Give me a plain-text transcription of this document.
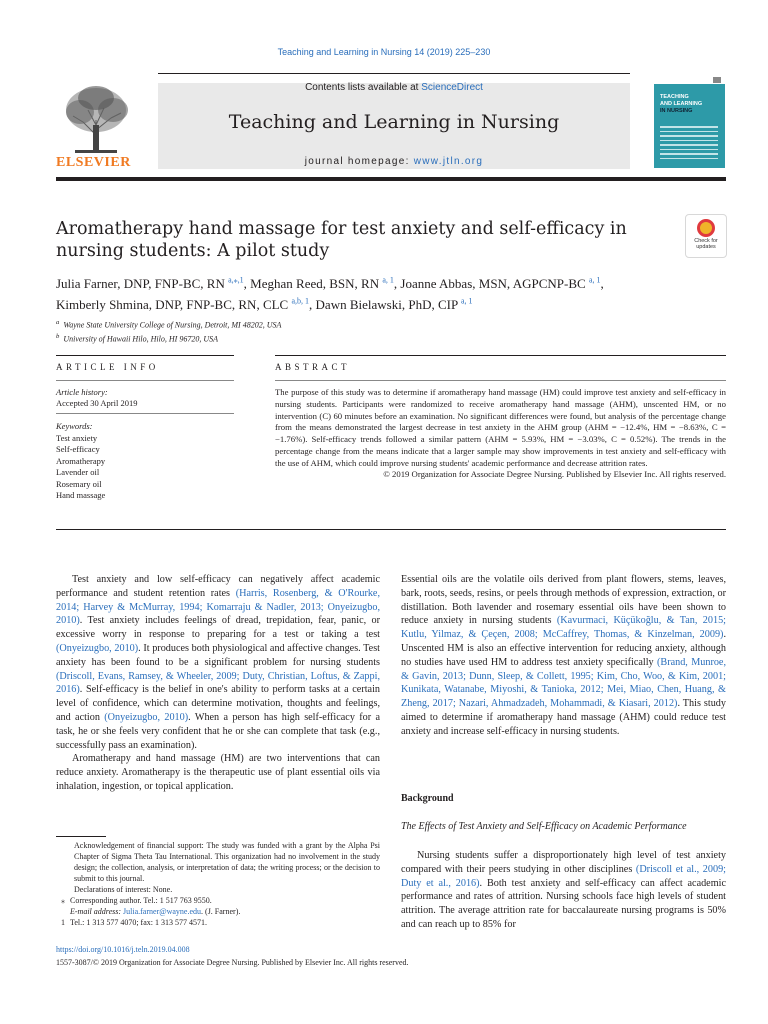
Teaching and Learning in Nursing 14 (2019) 225–230
ELSEVIER
Contents lists available at ScienceDirect
Teaching and Learning in Nursing
journal homepage: www.jtln.org
TEACHING
AND LEARNING
IN NURSING
Aromatherapy hand massage for test anxiety and self-efficacy in nursing students: A pilot study	Check for
updates
Julia Farner, DNP, FNP-BC, RN $^{a,⁎,1}$, Meghan Reed, BSN, RN $^{a, 1}$, Joanne Abbas, MSN, AGPCNP-BC $^{a, 1}$,
Kimberly Shmina, DNP, FNP-BC, RN, CLC $^{a,b, 1}$, Dawn Bielawski, PhD, CIP $^{a, 1}$
$^a$ Wayne State University College of Nursing, Detroit, MI 48202, USA
$^b$ University of Hawaii Hilo, Hilo, HI 96720, USA
ARTICLE INFO	ABSTRACT
Article history:
Accepted 30 April 2019
Keywords:
Test anxiety
Self-efficacy
Aromatherapy
Lavender oil
Rosemary oil
Hand massage
The purpose of this study was to determine if aromatherapy hand massage (HM) could improve test anxiety and self-efficacy in nursing students. Participants were randomized to receive aromatherapy hand massage (AHM), unscented HM, or no intervention (C) 60 minutes before an examination. No significant differences were found, but analysis of the percentage change from the means demonstrated the largest decrease in test anxiety in the AHM group (AHM = −12.4%, HM = −8.63%, C = −1.76%). Self-efficacy trends followed a similar pattern (AHM = 5.93%, HM = −3.03%, C = 0.52%). The trends in the percentage change from the means indicate that a larger sample may show improvements in test anxiety and self-efficacy with the use of AHM, which could improve nursing students' academic performance and decrease attrition rates.
© 2019 Organization for Associate Degree Nursing. Published by Elsevier Inc. All rights reserved.

Test anxiety and low self-efficacy can negatively affect academic performance and student retention rates (Harris, Rosenberg, & O'Rourke, 2014; Harvey & McMurray, 1994; Komarraju & Nadler, 2013; Onyeizugbo, 2010). Test anxiety includes feelings of dread, trepidation, fear, panic, or excessive worry in response to preparing for a test or taking a test (Onyeizugbo, 2010). It produces both physiological and affective changes. Test anxiety has been found to be a significant problem for nursing students (Driscoll, Evans, Ramsey, & Wheeler, 2009; Duty, Christian, Loftus, & Zappi, 2016). Self-efficacy is the belief in one's ability to perform tasks at a certain level of confidence, which can determine motivation, thoughts and feelings, and action (Onyeizugbo, 2010). When a person has high self-efficacy for a task, he or she feels very confident that he or she can complete that task (e.g., successfully pass an examination).

Aromatherapy and hand massage (HM) are two interventions that can reduce anxiety. Aromatherapy is the therapeutic use of plant essential oils via inhalation, ingestion, or topical application.

Essential oils are the volatile oils derived from plant flowers, stems, leaves, bark, roots, seeds, resins, or peels through methods of expression, extraction, or distillation. Both lavender and rosemary essential oils have been shown to reduce anxiety in nursing students (Kavurmaci, Küçükoğlu, & Tan, 2015; Kutlu, Yilmaz, & Çeçen, 2008; McCaffrey, Thomas, & Kinzelman, 2009). Unscented HM is also an effective intervention for reducing anxiety, although no studies have used HM to address test anxiety specifically (Brand, Munroe, & Gavin, 2013; Dunn, Sleep, & Collett, 1995; Kim, Cho, Woo, & Kim, 2001; Kunikata, Watanabe, Miyoshi, & Tanioka, 2012; Mei, Miao, Chen, Huang, & Zheng, 2017; Nazari, Ahmadzadeh, Mohammadi, & Kiasari, 2012). This study aimed to determine if aromatherapy hand massage (AHM) could reduce test anxiety and increase self-efficacy in nursing students.

Background
The Effects of Test Anxiety and Self-Efficacy on Academic Performance

Nursing students suffer a disproportionately high level of test anxiety compared with their peers studying in other disciplines (Driscoll et al., 2009; Duty et al., 2016). Both test anxiety and self-efficacy can affect academic performance and rates of attrition. Nursing schools face high levels of student attrition. The average attrition rate for baccalaureate nursing programs is 50% and can reach up to 85% for

Acknowledgement of financial support: The study was funded with a grant by the Alpha Psi Chapter of Sigma Theta Tau International. This organization had no involvement in the study design; the collection, analysis, or interpretation of data; the writing process; or the decision to submit to this journal.

Declarations of interest: None.

⁎ Corresponding author. Tel.: 1 517 763 9550.

E-mail address: Julia.farner@wayne.edu. (J. Farner).

1 Tel.: 1 313 577 4070; fax: 1 313 577 4571.

https://doi.org/10.1016/j.teln.2019.04.008
1557-3087/© 2019 Organization for Associate Degree Nursing. Published by Elsevier Inc. All rights reserved.
